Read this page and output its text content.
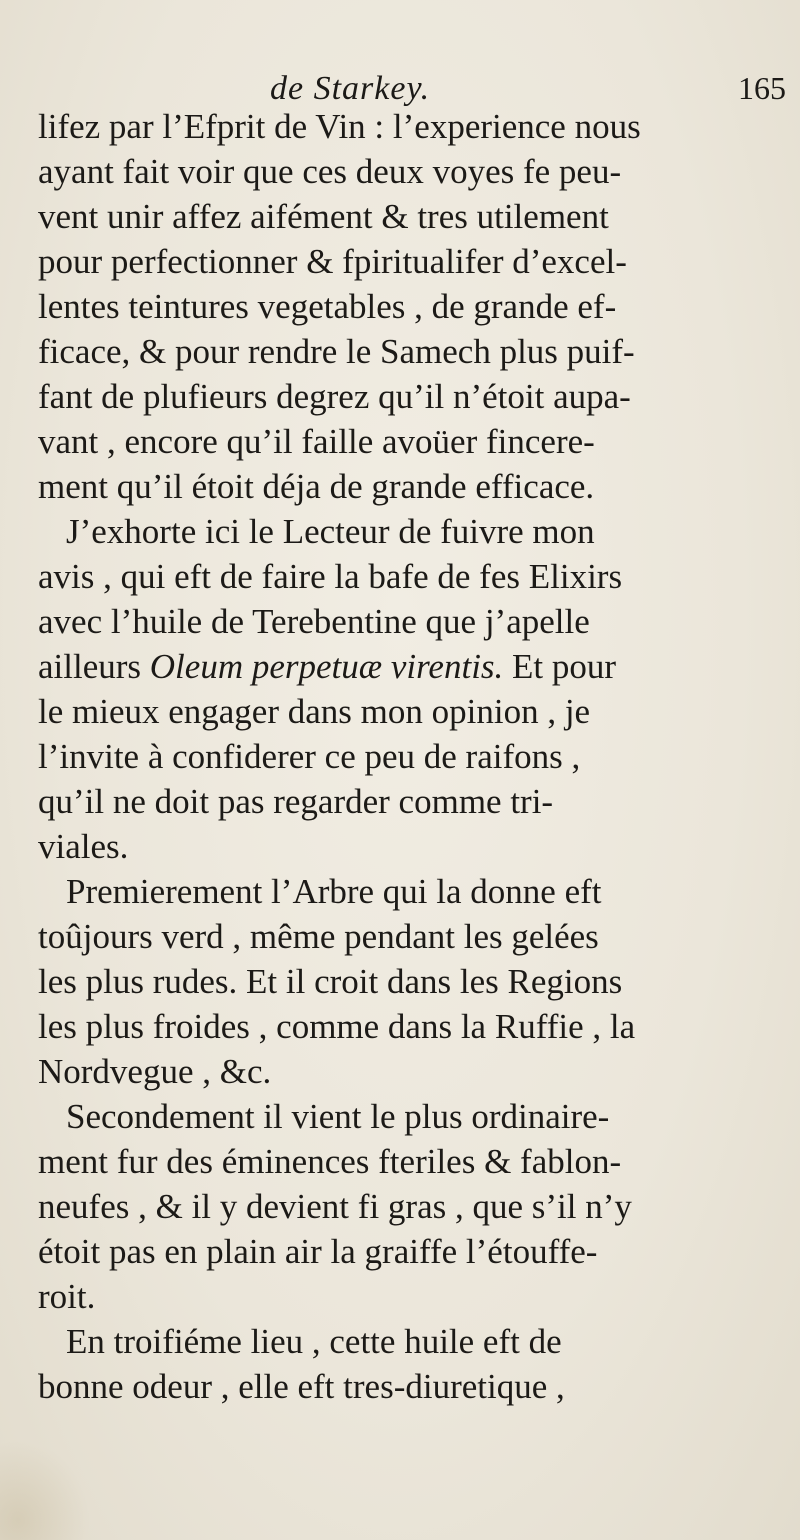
de Starkey.	165
lifez par l’Efprit de Vin : l’experience nous
ayant fait voir que ces deux voyes fe peu-
vent unir affez aifément & tres utilement
pour perfectionner & fpiritualifer d’excel-
lentes teintures vegetables , de grande ef-
ficace, & pour rendre le Samech plus puif-
fant de plufieurs degrez qu’il n’étoit aupa-
vant , encore qu’il faille avoüer fincere-
ment qu’il étoit déja de grande efficace.
J’exhorte ici le Lecteur de fuivre mon
avis , qui eft de faire la bafe de fes Elixirs
avec l’huile de Terebentine que j’apelle
ailleurs Oleum perpetuæ virentis. Et pour
le mieux engager dans mon opinion , je
l’invite à confiderer ce peu de raifons ,
qu’il ne doit pas regarder comme tri-
viales.
Premierement l’Arbre qui la donne eft
toûjours verd , même pendant les gelées
les plus rudes. Et il croit dans les Regions
les plus froides , comme dans la Ruffie , la
Nordvegue , &c.
Secondement il vient le plus ordinaire-
ment fur des éminences fteriles & fablon-
neufes , & il y devient fi gras , que s’il n’y
étoit pas en plain air la graiffe l’étouffe-
roit.
En troifiéme lieu , cette huile eft de
bonne odeur , elle eft tres-diuretique ,
